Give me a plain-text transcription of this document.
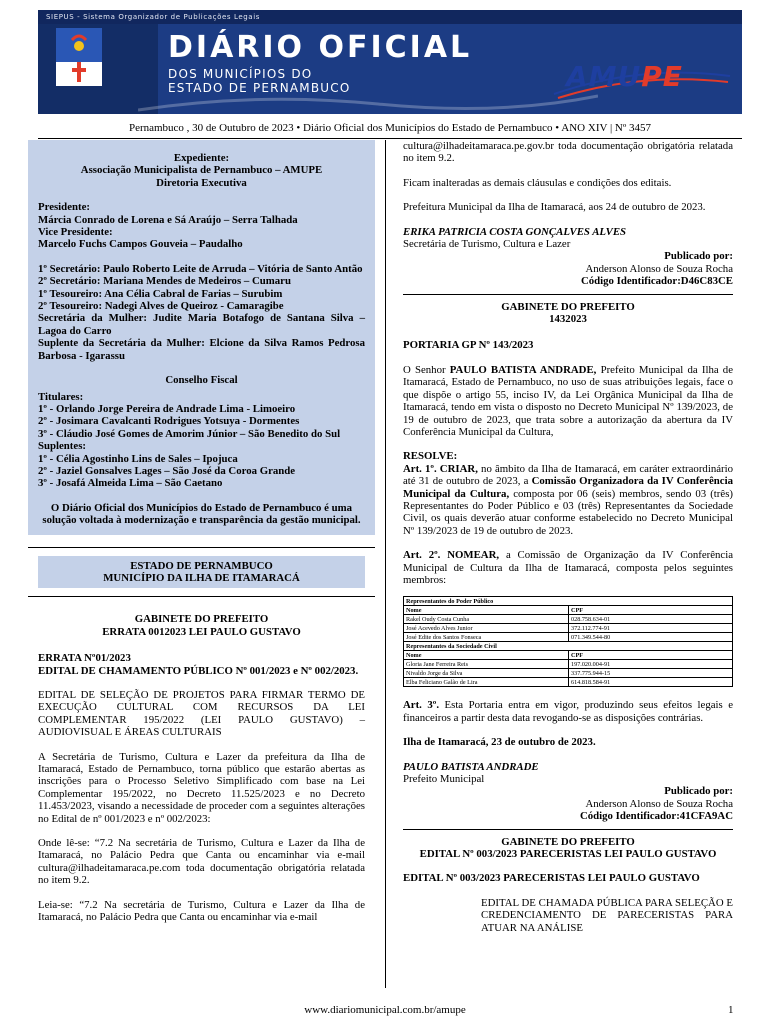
SIEPUS - Sistema Organizador de Publicações Legais
DIÁRIO OFICIAL
DOS MUNICÍPIOS DO
ESTADO DE PERNAMBUCO	AMUPE
Pernambuco , 30 de Outubro de 2023 • Diário Oficial dos Municípios do Estado de Pernambuco • ANO XIV | Nº 3457
Expediente:
Associação Municipalista de Pernambuco – AMUPE
Diretoria Executiva
Presidente:
Márcia Conrado de Lorena e Sá Araújo – Serra Talhada
Vice Presidente:
Marcelo Fuchs Campos Gouveia – Paudalho
1º Secretário: Paulo Roberto Leite de Arruda – Vitória de Santo Antão
2º Secretário: Mariana Mendes de Medeiros – Cumaru
1º Tesoureiro: Ana Célia Cabral de Farias – Surubim
2º Tesoureiro: Nadegi Alves de Queiroz - Camaragibe
Secretária da Mulher: Judite Maria Botafogo de Santana Silva – Lagoa do Carro
Suplente da Secretária da Mulher: Elcione da Silva Ramos Pedrosa Barbosa - Igarassu
Conselho Fiscal
Titulares:
1º - Orlando Jorge Pereira de Andrade Lima - Limoeiro
2º - Josimara Cavalcanti Rodrigues Yotsuya - Dormentes
3º - Cláudio José Gomes de Amorim Júnior – São Benedito do Sul
Suplentes:
1º - Célia Agostinho Lins de Sales – Ipojuca
2º - Jaziel Gonsalves Lages – São José da Coroa Grande
3º - Josafá Almeida Lima – São Caetano
O Diário Oficial dos Municípios do Estado de Pernambuco é uma solução voltada à modernização e transparência da gestão municipal.
ESTADO DE PERNAMBUCO
MUNICÍPIO DA ILHA DE ITAMARACÁ
GABINETE DO PREFEITO
ERRATA 0012023 LEI PAULO GUSTAVO
ERRATA Nº01/2023
EDITAL DE CHAMAMENTO PÚBLICO Nº 001/2023 e Nº 002/2023.
EDITAL DE SELEÇÃO DE PROJETOS PARA FIRMAR TERMO DE EXECUÇÃO CULTURAL COM RECURSOS DA LEI COMPLEMENTAR 195/2022 (LEI PAULO GUSTAVO) – AUDIOVISUAL E ÁREAS CULTURAIS
A Secretária de Turismo, Cultura e Lazer da prefeitura da Ilha de Itamaracá, Estado de Pernambuco, torna público que estarão abertas as inscrições para o Processo Seletivo Simplificado com base na Lei Complementar 195/2022, no Decreto 11.525/2023 e no Decreto 11.453/2023, visando a necessidade de proceder com a seguintes alterações no Edital de nº 001/2023 e nº 002/2023:
Onde lê-se: “7.2 Na secretária de Turismo, Cultura e Lazer da Ilha de Itamaracá, no Palácio Pedra que Canta ou encaminhar via e-mail cultura@ilhadeitamaraca.pe.com toda documentação obrigatória relatada no item 9.2.
Leia-se: “7.2 Na secretária de Turismo, Cultura e Lazer da Ilha de Itamaracá, no Palácio Pedra que Canta ou encaminhar via e-mail
cultura@ilhadeitamaraca.pe.gov.br toda documentação obrigatória relatada no item 9.2.
Ficam inalteradas as demais cláusulas e condições dos editais.
Prefeitura Municipal da Ilha de Itamaracá, aos 24 de outubro de 2023.
ERIKA PATRICIA COSTA GONÇALVES ALVES
Secretária de Turismo, Cultura e Lazer
Publicado por:
Anderson Alonso de Souza Rocha
Código Identificador:D46C83CE
GABINETE DO PREFEITO
1432023
PORTARIA GP Nº 143/2023
O Senhor PAULO BATISTA ANDRADE, Prefeito Municipal da Ilha de Itamaracá, Estado de Pernambuco, no uso de suas atribuições legais, face o que dispõe o artigo 55, inciso IV, da Lei Orgânica Municipal da Ilha de Itamaracá, tendo em vista o disposto no Decreto Municipal Nº 139/2023, de 19 de outubro de 2023, que trata sobre a autorização da abertura da IV Conferência Municipal da Cultura,
RESOLVE:
Art. 1º. CRIAR, no âmbito da Ilha de Itamaracá, em caráter extraordinário até 31 de outubro de 2023, a Comissão Organizadora da IV Conferência Municipal da Cultura, composta por 06 (seis) membros, sendo 03 (três) Representantes do Poder Público e 03 (três) Representantes da Sociedade Civil, os quais deverão atuar conforme estabelecido no Decreto Municipal Nº 139/2023 de 19 de outubro de 2023.
Art. 2º. NOMEAR, a Comissão de Organização da IV Conferência Municipal de Cultura da Ilha de Itamaracá, composta pelos seguintes membros:
Representantes do Poder Público	
Nome	CPF
Rakel Oudy Costa Cunha	028.758.634-01
José Acevedo Alves Junior	372.112.774-91
José Edite dos Santos Fonseca	071.349.544-80
Representantes da Sociedade Civil	
Nome	CPF
Gloria Jane Ferreira Reis	197.020.004-91
Nivaldo Jorge da Silva	337.775.944-15
Elba Feliciano Galão de Lira	614.818.584-91
Art. 3º. Esta Portaria entra em vigor, produzindo seus efeitos legais e financeiros a partir desta data revogando-se as disposições contrárias.
Ilha de Itamaracá, 23 de outubro de 2023.
PAULO BATISTA ANDRADE
Prefeito Municipal
Publicado por:
Anderson Alonso de Souza Rocha
Código Identificador:41CFA9AC
GABINETE DO PREFEITO
EDITAL Nº 003/2023 PARECERISTAS LEI PAULO GUSTAVO
EDITAL Nº 003/2023 PARECERISTAS LEI PAULO GUSTAVO
EDITAL DE CHAMADA PÚBLICA PARA SELEÇÃO E CREDENCIAMENTO DE PARECERISTAS PARA ATUAR NA ANÁLISE
www.diariomunicipal.com.br/amupe	1
